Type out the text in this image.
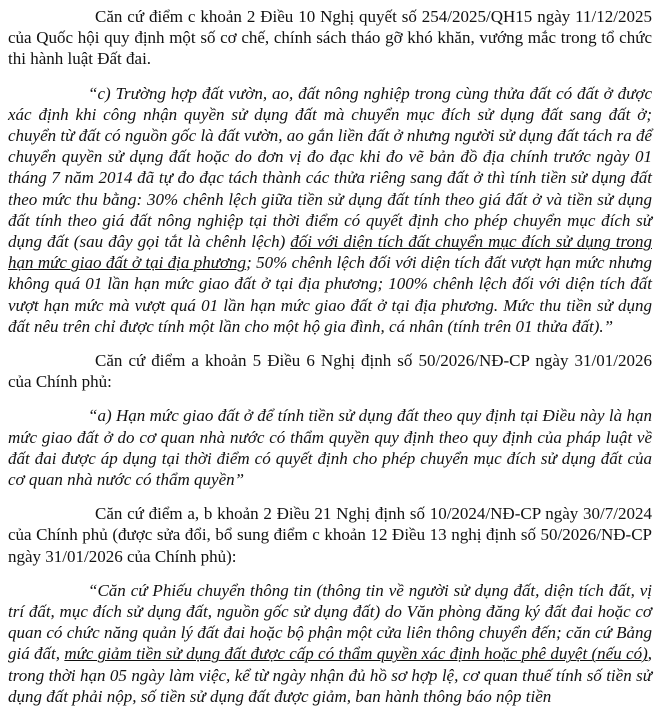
Căn cứ điểm c khoản 2 Điều 10 Nghị quyết số 254/2025/QH15 ngày 11/12/2025 của Quốc hội quy định một số cơ chế, chính sách tháo gỡ khó khăn, vướng mắc trong tổ chức thi hành luật Đất đai.

“c) Trường hợp đất vườn, ao, đất nông nghiệp trong cùng thửa đất có đất ở được xác định khi công nhận quyền sử dụng đất mà chuyển mục đích sử dụng đất sang đất ở; chuyển từ đất có nguồn gốc là đất vườn, ao gắn liền đất ở nhưng người sử dụng đất tách ra để chuyển quyền sử dụng đất hoặc do đơn vị đo đạc khi đo vẽ bản đồ địa chính trước ngày 01 tháng 7 năm 2014 đã tự đo đạc tách thành các thửa riêng sang đất ở thì tính tiền sử dụng đất theo mức thu bằng: 30% chênh lệch giữa tiền sử dụng đất tính theo giá đất ở và tiền sử dụng đất tính theo giá đất nông nghiệp tại thời điểm có quyết định cho phép chuyển mục đích sử dụng đất (sau đây gọi tắt là chênh lệch) đối với diện tích đất chuyển mục đích sử dụng trong hạn mức giao đất ở tại địa phương; 50% chênh lệch đối với diện tích đất vượt hạn mức nhưng không quá 01 lần hạn mức giao đất ở tại địa phương; 100% chênh lệch đối với diện tích đất vượt hạn mức mà vượt quá 01 lần hạn mức giao đất ở tại địa phương. Mức thu tiền sử dụng đất nêu trên chỉ được tính một lần cho một hộ gia đình, cá nhân (tính trên 01 thửa đất).”

Căn cứ điểm a khoản 5 Điều 6 Nghị định số 50/2026/NĐ-CP ngày 31/01/2026 của Chính phủ:

“a) Hạn mức giao đất ở để tính tiền sử dụng đất theo quy định tại Điều này là hạn mức giao đất ở do cơ quan nhà nước có thẩm quyền quy định theo quy định của pháp luật về đất đai được áp dụng tại thời điểm có quyết định cho phép chuyển mục đích sử dụng đất của cơ quan nhà nước có thẩm quyền”

Căn cứ điểm a, b khoản 2 Điều 21 Nghị định số 10/2024/NĐ-CP ngày 30/7/2024 của Chính phủ (được sửa đổi, bổ sung điểm c khoản 12 Điều 13 nghị định số 50/2026/NĐ-CP ngày 31/01/2026 của Chính phủ):

“Căn cứ Phiếu chuyển thông tin (thông tin về người sử dụng đất, diện tích đất, vị trí đất, mục đích sử dụng đất, nguồn gốc sử dụng đất) do Văn phòng đăng ký đất đai hoặc cơ quan có chức năng quản lý đất đai hoặc bộ phận một cửa liên thông chuyển đến; căn cứ Bảng giá đất, mức giảm tiền sử dụng đất được cấp có thẩm quyền xác định hoặc phê duyệt (nếu có), trong thời hạn 05 ngày làm việc, kể từ ngày nhận đủ hồ sơ hợp lệ, cơ quan thuế tính số tiền sử dụng đất phải nộp, số tiền sử dụng đất được giảm, ban hành thông báo nộp tiền
